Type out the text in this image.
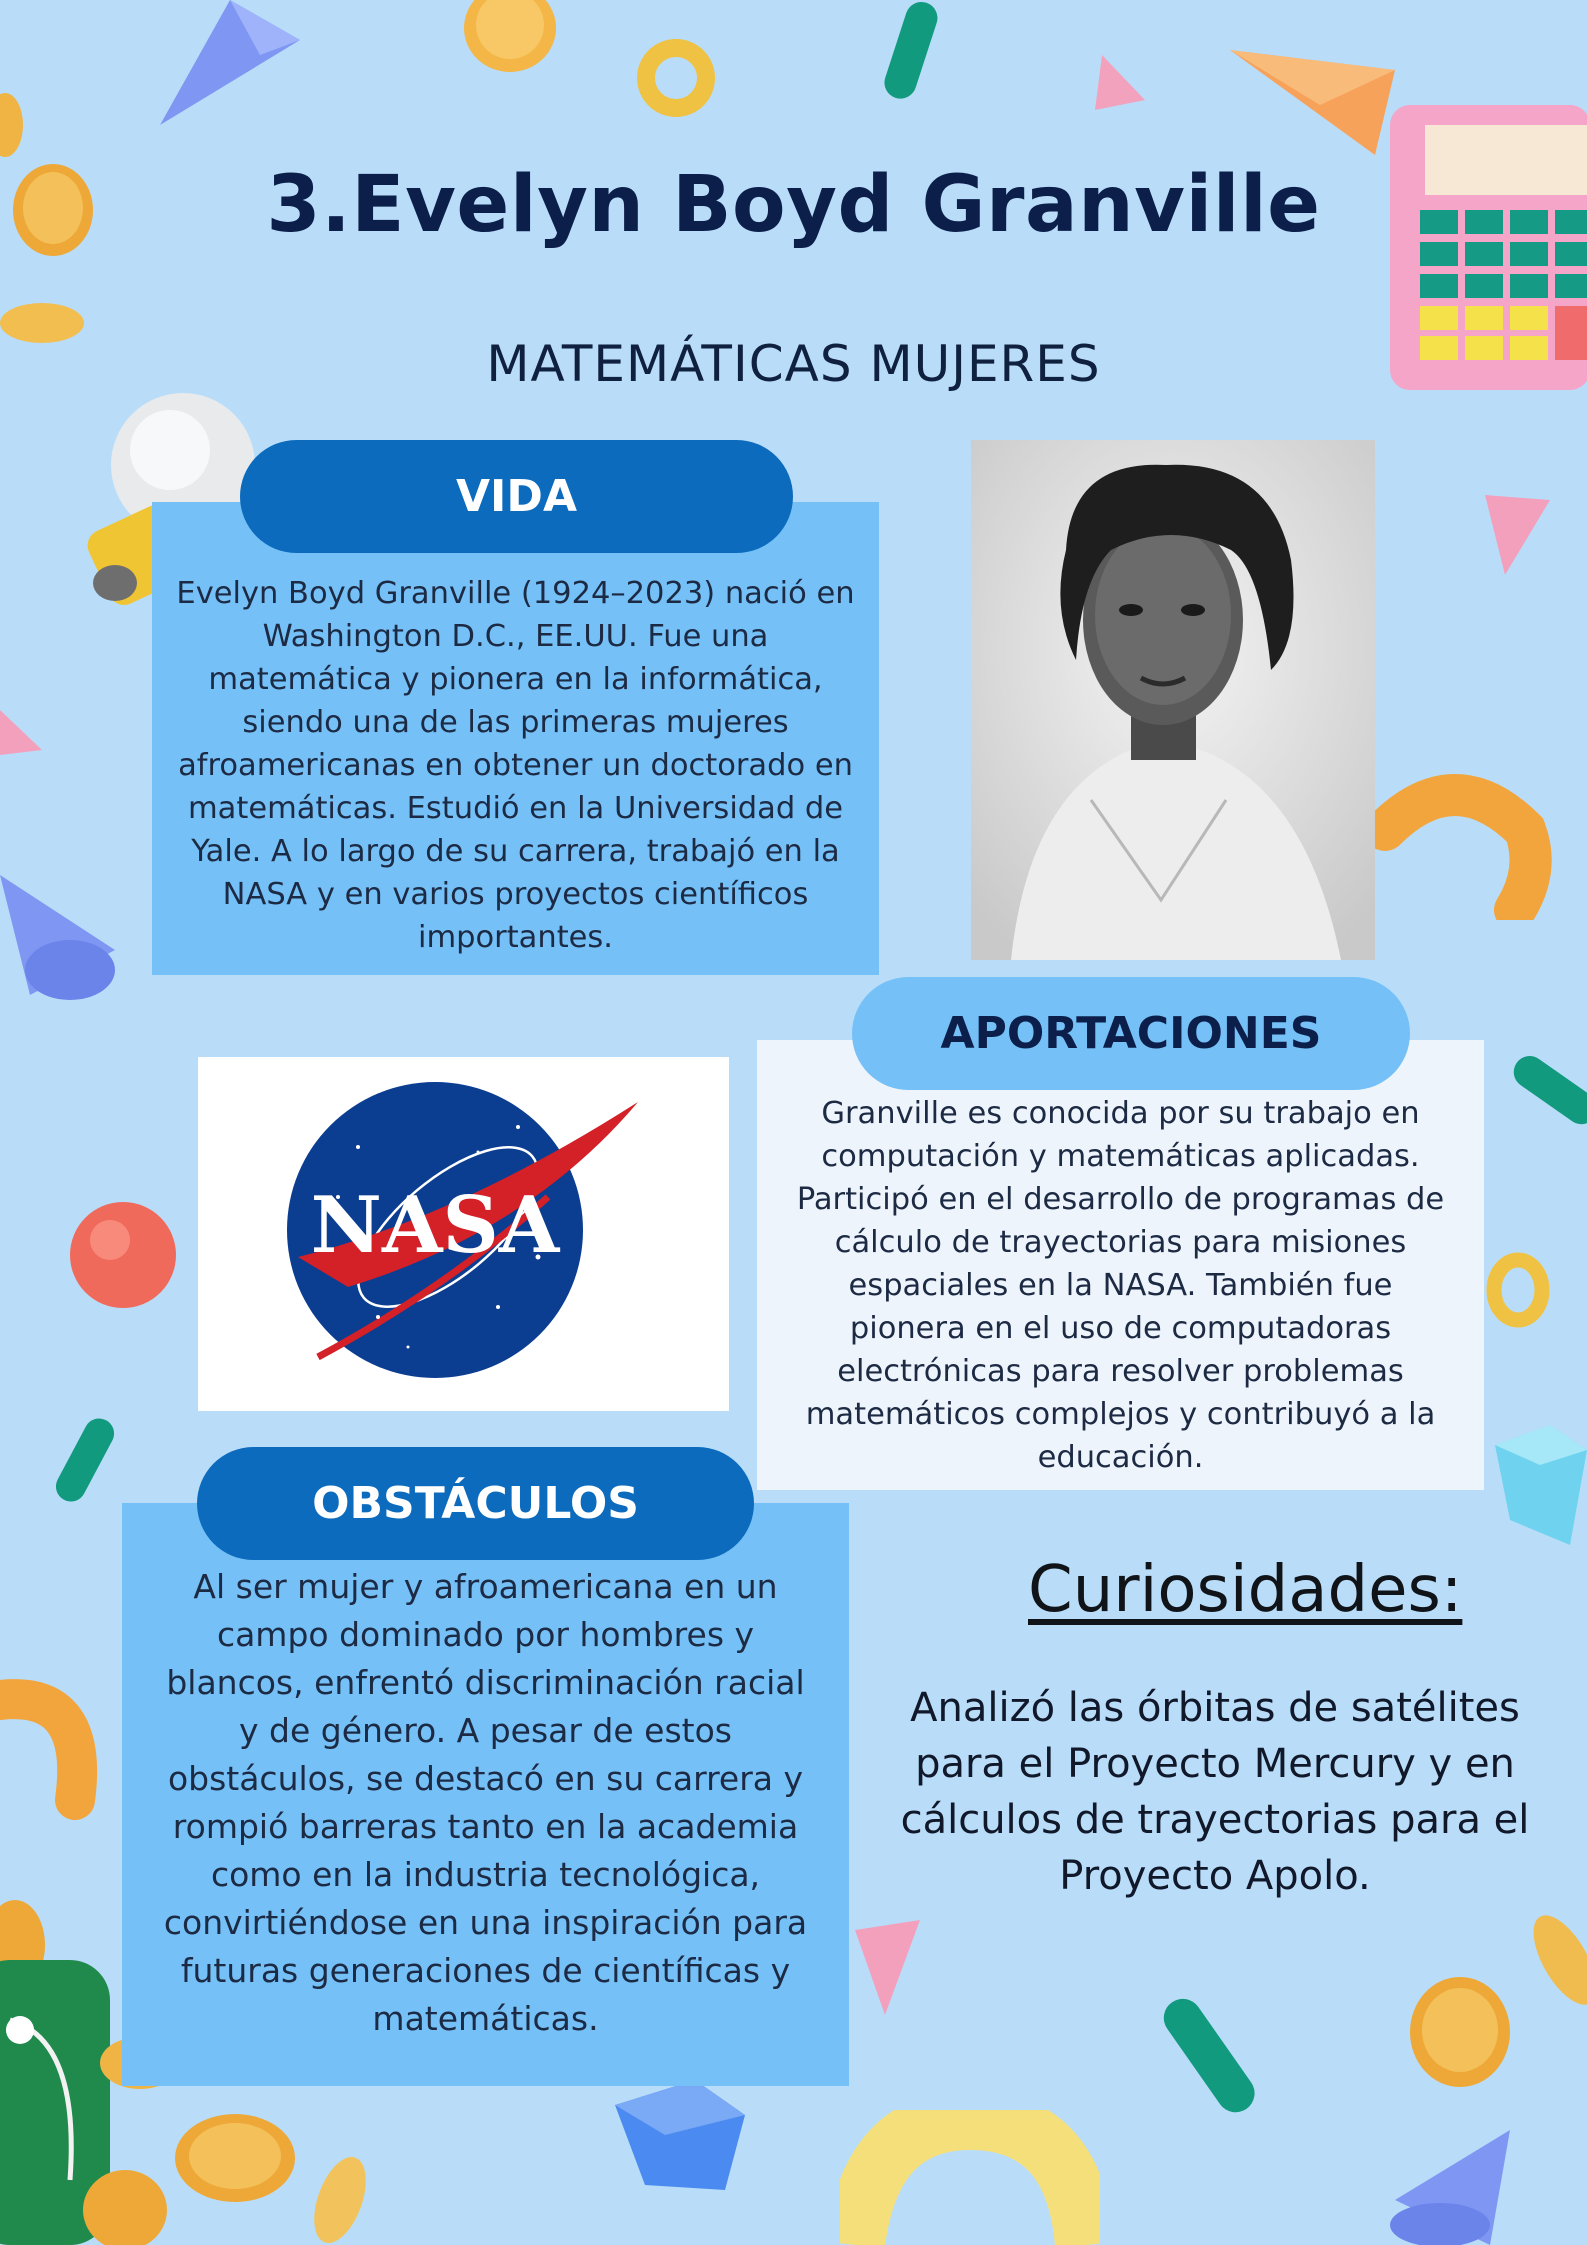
3.Evelyn Boyd Granville
MATEMÁTICAS MUJERES
Evelyn Boyd Granville (1924–2023) nació en Washington D.C., EE.UU. Fue una matemática y pionera en la informática, siendo una de las primeras mujeres afroamericanas en obtener un doctorado en matemáticas. Estudió en la Universidad de Yale. A lo largo de su carrera, trabajó en la NASA y en varios proyectos científicos importantes.
VIDA
NASA
Granville es conocida por su trabajo en computación y matemáticas aplicadas. Participó en el desarrollo de programas de cálculo de trayectorias para misiones espaciales en la NASA. También fue pionera en el uso de computadoras electrónicas para resolver problemas matemáticos complejos y contribuyó a la educación.
APORTACIONES
Al ser mujer y afroamericana en un campo dominado por hombres y blancos, enfrentó discriminación racial y de género. A pesar de estos obstáculos, se destacó en su carrera y rompió barreras tanto en la academia como en la industria tecnológica, convirtiéndose en una inspiración para futuras generaciones de científicas y matemáticas.
OBSTÁCULOS
Curiosidades:
Analizó las órbitas de satélites para el Proyecto Mercury y en cálculos de trayectorias para el Proyecto Apolo.
